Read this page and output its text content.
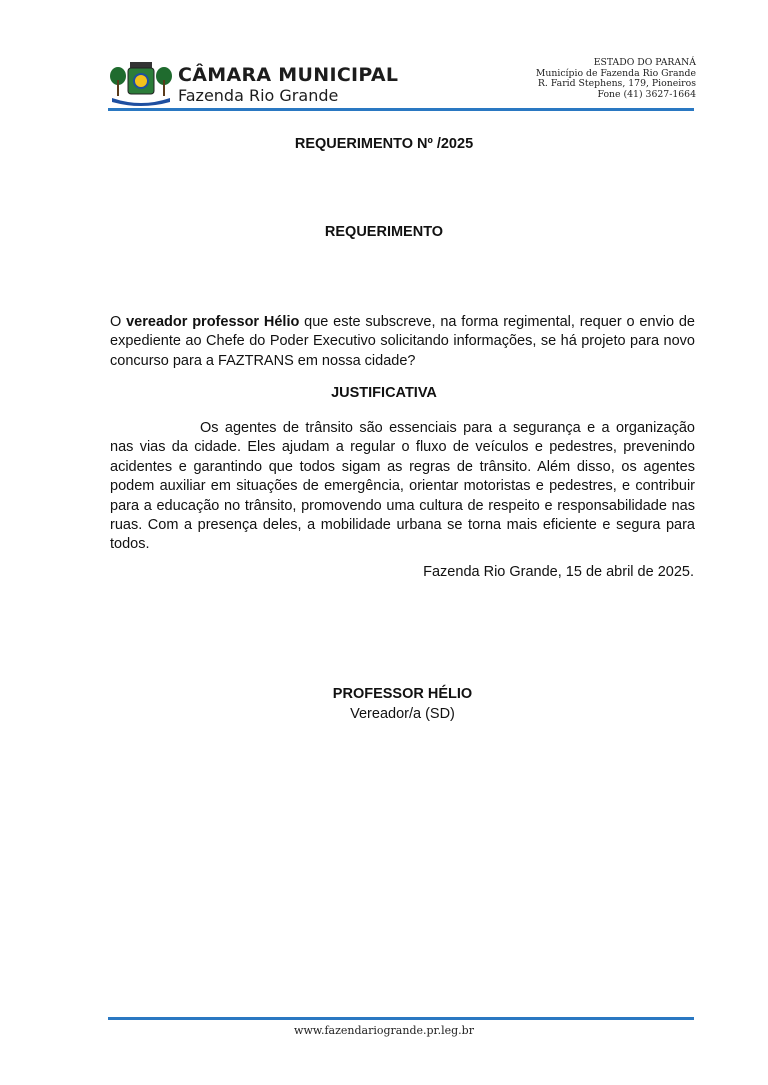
CÂMARA MUNICIPAL
Fazenda Rio Grande
ESTADO DO PARANÁ
Município de Fazenda Rio Grande
R. Farid Stephens, 179, Pioneiros
Fone (41) 3627-1664
REQUERIMENTO Nº /2025
REQUERIMENTO
O vereador professor Hélio que este subscreve, na forma regimental, requer o envio de expediente ao Chefe do Poder Executivo solicitando informações, se há projeto para novo concurso para a FAZTRANS em nossa cidade?
JUSTIFICATIVA
Os agentes de trânsito são essenciais para a segurança e a organização nas vias da cidade. Eles ajudam a regular o fluxo de veículos e pedestres, prevenindo acidentes e garantindo que todos sigam as regras de trânsito. Além disso, os agentes podem auxiliar em situações de emergência, orientar motoristas e pedestres, e contribuir para a educação no trânsito, promovendo uma cultura de respeito e responsabilidade nas ruas. Com a presença deles, a mobilidade urbana se torna mais eficiente e segura para todos.
Fazenda Rio Grande, 15 de abril de 2025.
PROFESSOR HÉLIO
Vereador/a (SD)
www.fazendariogrande.pr.leg.br
